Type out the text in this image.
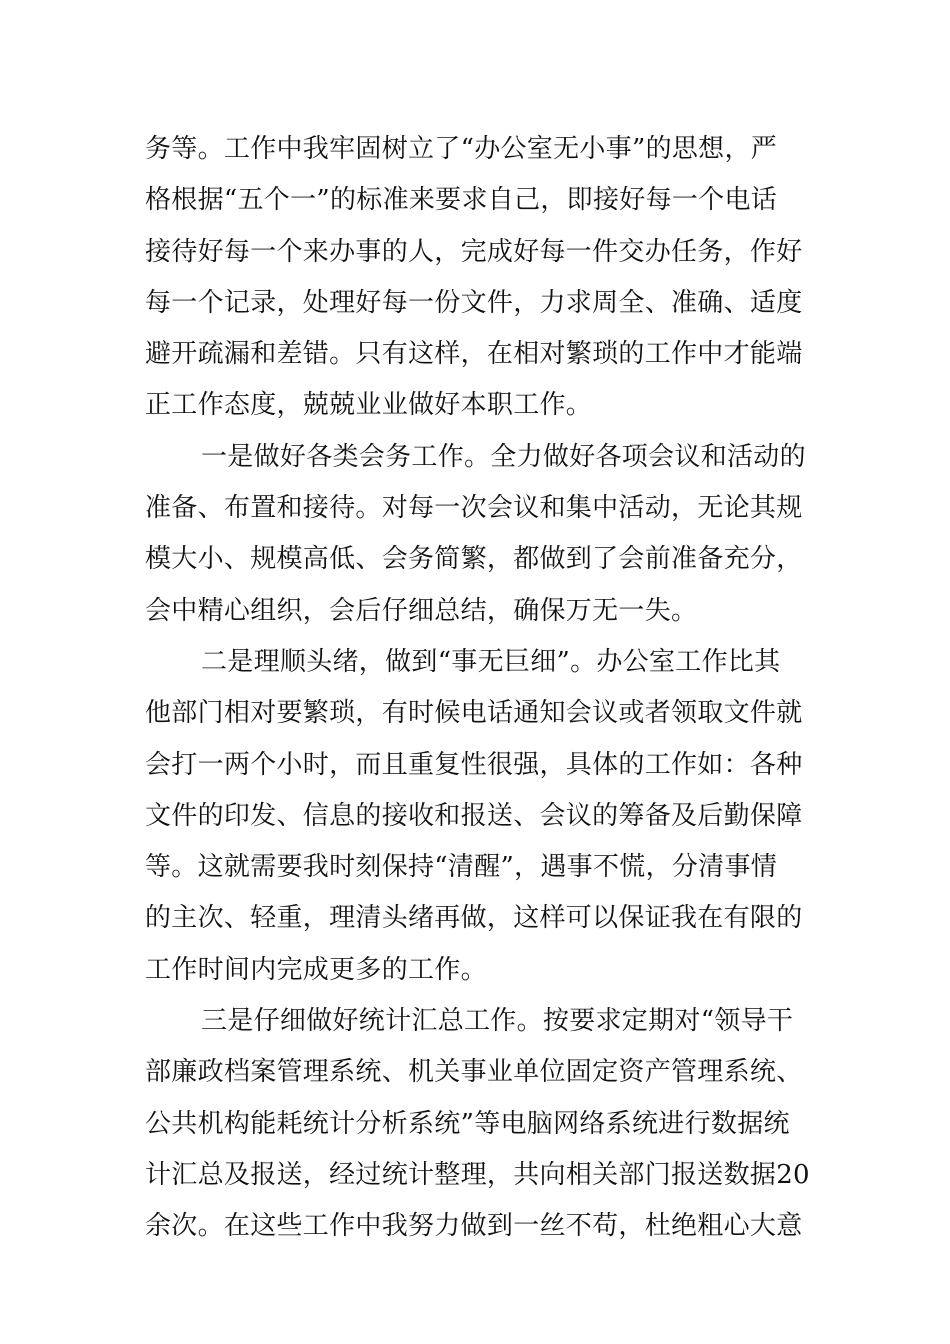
务等。工作中我牢固树立了“办公室无小事”的思想，严
格根据“五个一”的标准来要求自己，即接好每一个电话
接待好每一个来办事的人，完成好每一件交办任务，作好
每一个记录，处理好每一份文件，力求周全、准确、适度
避开疏漏和差错。只有这样，在相对繁琐的工作中才能端
正工作态度，兢兢业业做好本职工作。
一是做好各类会务工作。全力做好各项会议和活动的
准备、布置和接待。对每一次会议和集中活动，无论其规
模大小、规模高低、会务简繁，都做到了会前准备充分，
会中精心组织，会后仔细总结，确保万无一失。
二是理顺头绪，做到“事无巨细”。办公室工作比其
他部门相对要繁琐，有时候电话通知会议或者领取文件就
会打一两个小时，而且重复性很强，具体的工作如：各种
文件的印发、信息的接收和报送、会议的筹备及后勤保障
等。这就需要我时刻保持“清醒”，遇事不慌，分清事情
的主次、轻重，理清头绪再做，这样可以保证我在有限的
工作时间内完成更多的工作。
三是仔细做好统计汇总工作。按要求定期对“领导干
部廉政档案管理系统、机关事业单位固定资产管理系统、
公共机构能耗统计分析系统”等电脑网络系统进行数据统
计汇总及报送，经过统计整理，共向相关部门报送数据20
余次。在这些工作中我努力做到一丝不苟，杜绝粗心大意
